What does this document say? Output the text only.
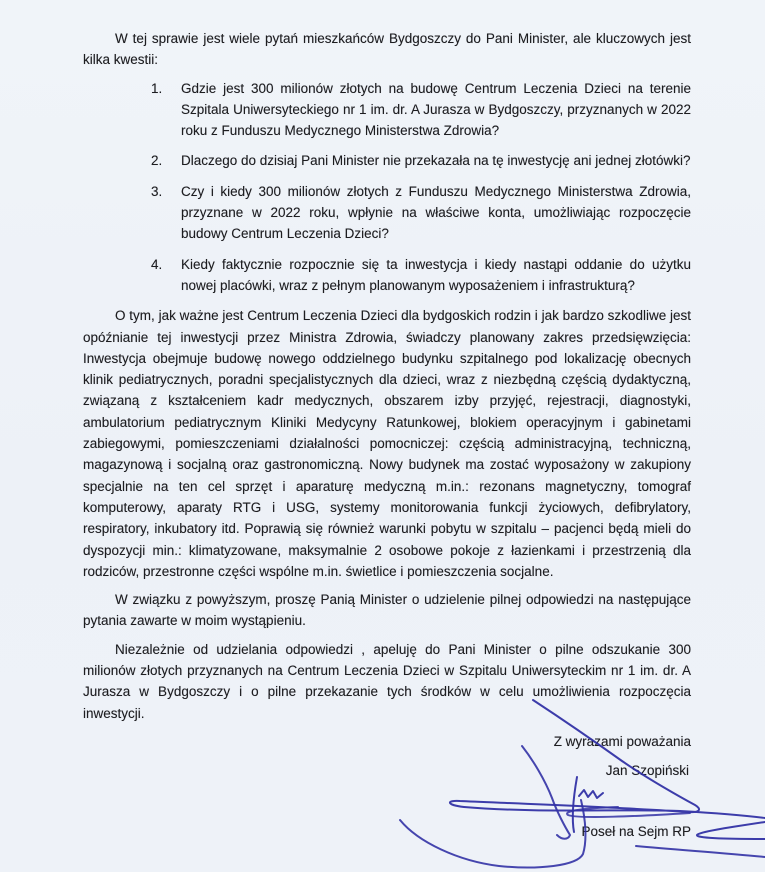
W tej sprawie jest wiele pytań mieszkańców Bydgoszczy do Pani Minister, ale kluczowych jest kilka kwestii:

1.	Gdzie jest 300 milionów złotych na budowę Centrum Leczenia Dzieci na terenie Szpitala Uniwersyteckiego nr 1 im. dr. A Jurasza w Bydgoszczy, przyznanych w 2022 roku z Funduszu Medycznego Ministerstwa Zdrowia?
2.	Dlaczego do dzisiaj Pani Minister nie przekazała na tę inwestycję ani jednej złotówki?
3.	Czy i kiedy 300 milionów złotych z Funduszu Medycznego Ministerstwa Zdrowia, przyznane w 2022 roku, wpłynie na właściwe konta, umożliwiając rozpoczęcie budowy Centrum Leczenia Dzieci?
4.	Kiedy faktycznie rozpocznie się ta inwestycja i kiedy nastąpi oddanie do użytku nowej placówki, wraz z pełnym planowanym wyposażeniem i infrastrukturą?

O tym, jak ważne jest Centrum Leczenia Dzieci dla bydgoskich rodzin i jak bardzo szkodliwe jest opóźnianie tej inwestycji przez Ministra Zdrowia, świadczy planowany zakres przedsięwzięcia: Inwestycja obejmuje budowę nowego oddzielnego budynku szpitalnego pod lokalizację obecnych klinik pediatrycznych, poradni specjalistycznych dla dzieci, wraz z niezbędną częścią dydaktyczną, związaną z kształceniem kadr medycznych, obszarem izby przyjęć, rejestracji, diagnostyki, ambulatorium pediatrycznym Kliniki Medycyny Ratunkowej, blokiem operacyjnym i gabinetami zabiegowymi, pomieszczeniami działalności pomocniczej: częścią administracyjną, techniczną, magazynową i socjalną oraz gastronomiczną. Nowy budynek ma zostać wyposażony w zakupiony specjalnie na ten cel sprzęt i aparaturę medyczną m.in.: rezonans magnetyczny, tomograf komputerowy, aparaty RTG i USG, systemy monitorowania funkcji życiowych, defibrylatory, respiratory, inkubatory itd. Poprawią się również warunki pobytu w szpitalu – pacjenci będą mieli do dyspozycji min.: klimatyzowane, maksymalnie 2 osobowe pokoje z łazienkami i przestrzenią dla rodziców, przestronne części wspólne m.in. świetlice i pomieszczenia socjalne.

W związku z powyższym, proszę Panią Minister o udzielenie pilnej odpowiedzi na następujące pytania zawarte w moim wystąpieniu.

Niezależnie od udzielania odpowiedzi , apeluję do Pani Minister o pilne odszukanie 300 milionów złotych przyznanych na Centrum Leczenia Dzieci w Szpitalu Uniwersyteckim nr 1 im. dr. A Jurasza w Bydgoszczy i o pilne przekazanie tych środków w celu umożliwienia rozpoczęcia inwestycji.

Z wyrazami poważania

Jan Szopiński

Poseł na Sejm RP
